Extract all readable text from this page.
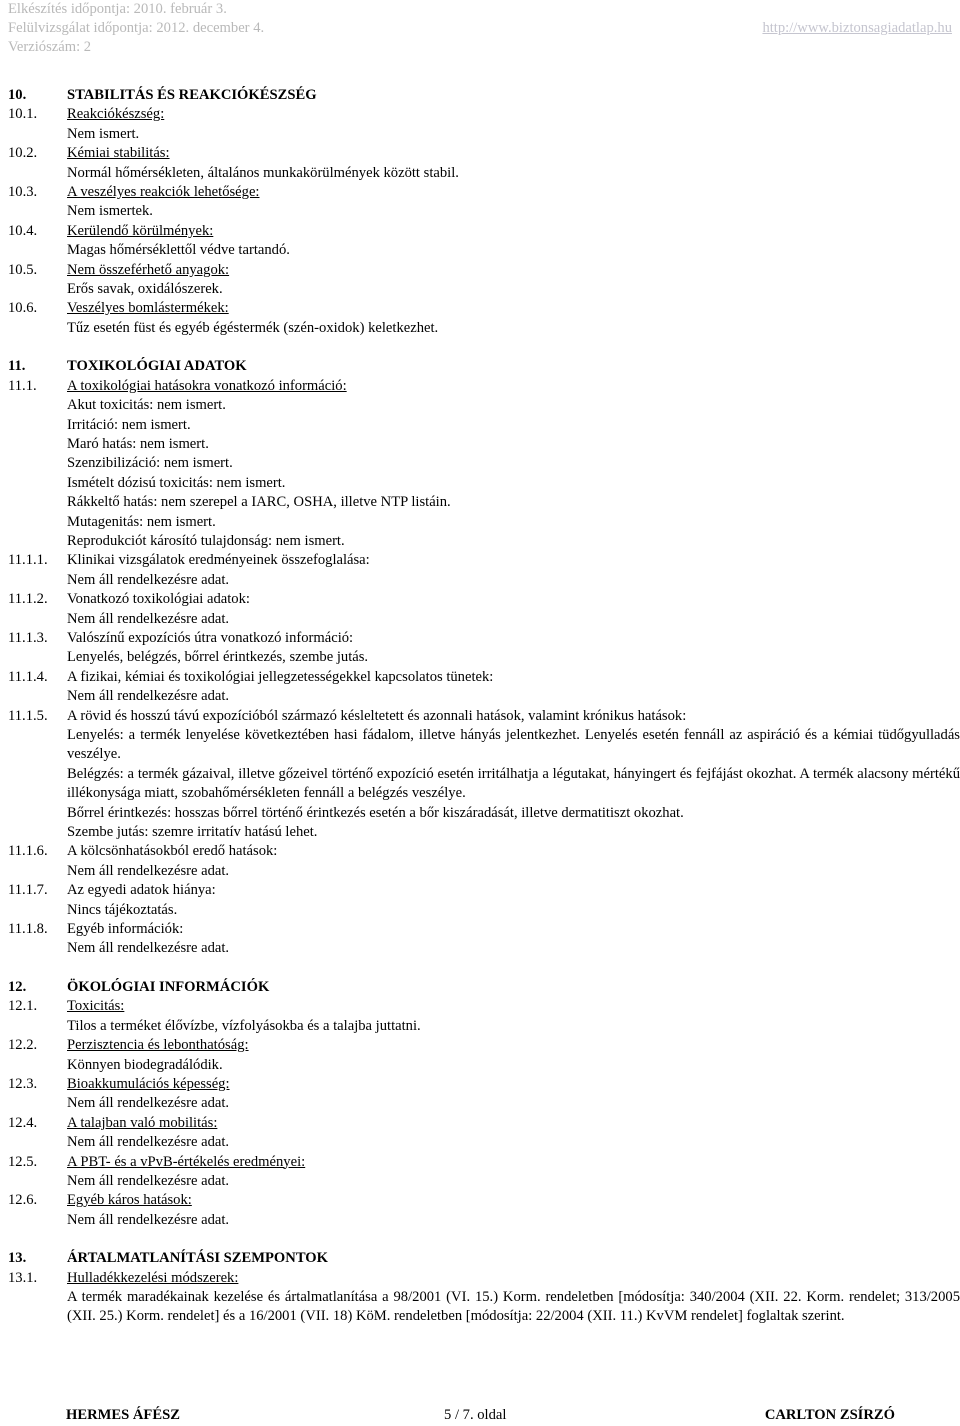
Elkészítés időpontja: 2010. február 3.
Felülvizsgálat időpontja: 2012. december 4.
Verziószám: 2
http://www.biztonsagiadatlap.hu
10.	STABILITÁS ÉS REAKCIÓKÉSZSÉG
10.1.	Reakciókészség:
Nem ismert.
10.2.	Kémiai stabilitás:
Normál hőmérsékleten, általános munkakörülmények között stabil.
10.3.	A veszélyes reakciók lehetősége:
Nem ismertek.
10.4.	Kerülendő körülmények:
Magas hőmérséklettől védve tartandó.
10.5.	Nem összeférhető anyagok:
Erős savak, oxidálószerek.
10.6.	Veszélyes bomlástermékek:
Tűz esetén füst és egyéb égéstermék (szén-oxidok) keletkezhet.
11.	TOXIKOLÓGIAI ADATOK
11.1.	A toxikológiai hatásokra vonatkozó információ:
Akut toxicitás: nem ismert.
Irritáció: nem ismert.
Maró hatás: nem ismert.
Szenzibilizáció: nem ismert.
Ismételt dózisú toxicitás: nem ismert.
Rákkeltő hatás: nem szerepel a IARC, OSHA, illetve NTP listáin.
Mutagenitás: nem ismert.
Reprodukciót károsító tulajdonság: nem ismert.
11.1.1.	Klinikai vizsgálatok eredményeinek összefoglalása:
Nem áll rendelkezésre adat.
11.1.2.	Vonatkozó toxikológiai adatok:
Nem áll rendelkezésre adat.
11.1.3.	Valószínű expozíciós útra vonatkozó információ:
Lenyelés, belégzés, bőrrel érintkezés, szembe jutás.
11.1.4.	A fizikai, kémiai és toxikológiai jellegzetességekkel kapcsolatos tünetek:
Nem áll rendelkezésre adat.
11.1.5.	A rövid és hosszú távú expozícióból származó késleltetett és azonnali hatások, valamint krónikus hatások:
Lenyelés: a termék lenyelése következtében hasi fádalom, illetve hányás jelentkezhet. Lenyelés esetén fennáll az aspiráció és a kémiai tüdőgyulladás veszélye.
Belégzés: a termék gázaival, illetve gőzeivel történő expozíció esetén irritálhatja a légutakat, hányingert és fejfájást okozhat. A termék alacsony mértékű illékonysága miatt, szobahőmérsékleten fennáll a belégzés veszélye.
Bőrrel érintkezés: hosszas bőrrel történő érintkezés esetén a bőr kiszáradását, illetve dermatitiszt okozhat.
Szembe jutás: szemre irritatív hatású lehet.
11.1.6.	A kölcsönhatásokból eredő hatások:
Nem áll rendelkezésre adat.
11.1.7.	Az egyedi adatok hiánya:
Nincs tájékoztatás.
11.1.8.	Egyéb információk:
Nem áll rendelkezésre adat.
12.	ÖKOLÓGIAI INFORMÁCIÓK
12.1.	Toxicitás:
Tilos a terméket élővízbe, vízfolyásokba és a talajba juttatni.
12.2.	Perzisztencia és lebonthatóság:
Könnyen biodegradálódik.
12.3.	Bioakkumulációs képesség:
Nem áll rendelkezésre adat.
12.4.	A talajban való mobilitás:
Nem áll rendelkezésre adat.
12.5.	A PBT- és a vPvB-értékelés eredményei:
Nem áll rendelkezésre adat.
12.6.	Egyéb káros hatások:
Nem áll rendelkezésre adat.
13.	ÁRTALMATLANÍTÁSI SZEMPONTOK
13.1.	Hulladékkezelési módszerek:
A termék maradékainak kezelése és ártalmatlanítása a 98/2001 (VI. 15.) Korm. rendeletben [módosítja: 340/2004 (XII. 22. Korm. rendelet; 313/2005 (XII. 25.) Korm. rendelet] és a 16/2001 (VII. 18) KöM. rendeletben [módosítja: 22/2004 (XII. 11.) KvVM rendelet] foglaltak szerint.
HERMES ÁFÉSZ	5 / 7. oldal	CARLTON ZSÍRZÓ
